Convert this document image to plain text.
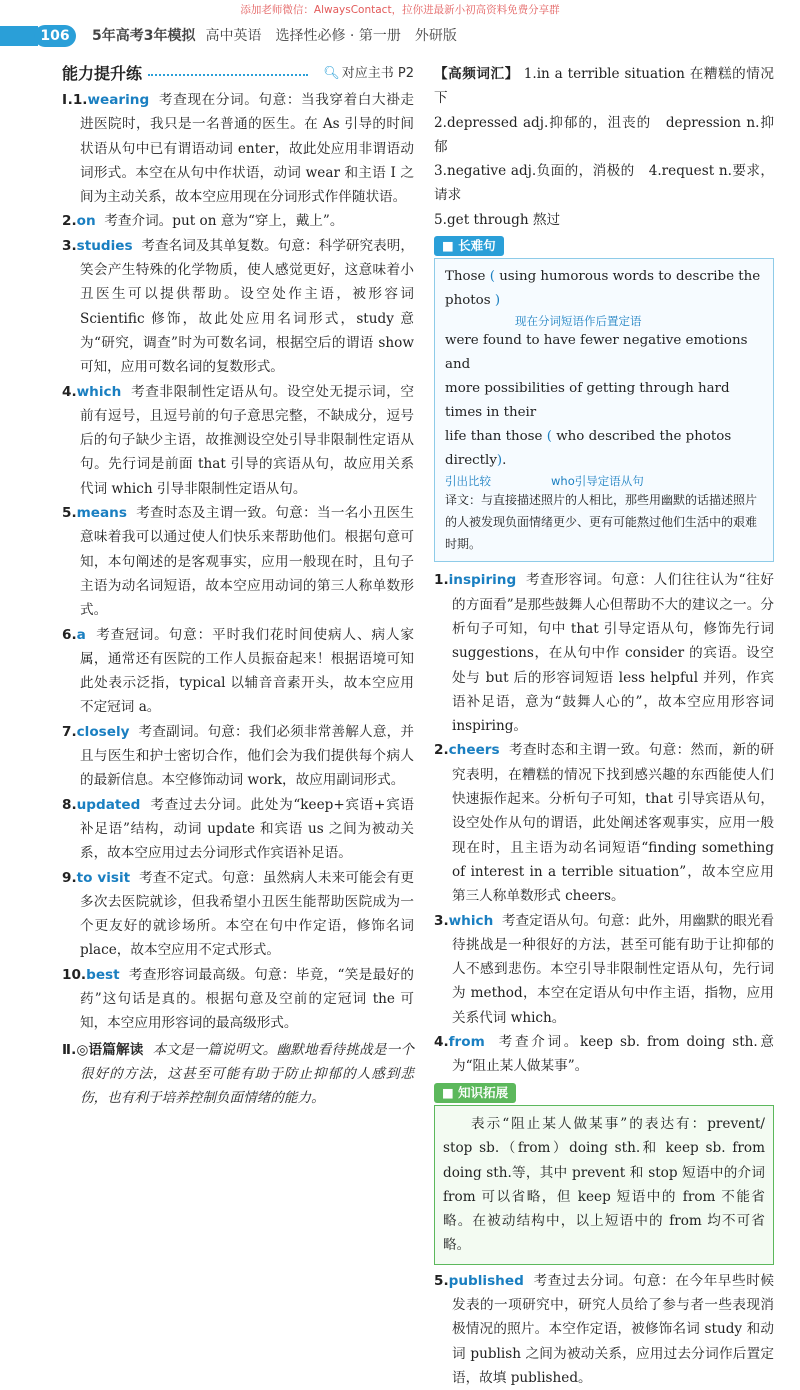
添加老师微信：AlwaysContact，拉你进最新小初高资料免费分享群
106	5年高考3年模拟 高中英语 选择性必修 · 第一册 外研版
能力提升练	🔍︎ 对应主书 P2

Ⅰ.1.wearing 考查现在分词。句意：当我穿着白大褂走进医院时，我只是一名普通的医生。在 As 引导的时间状语从句中已有谓语动词 enter，故此处应用非谓语动词形式。本空在从句中作状语，动词 wear 和主语 I 之间为主动关系，故本空应用现在分词形式作伴随状语。

2.on 考查介词。put on 意为“穿上，戴上”。

3.studies 考查名词及其单复数。句意：科学研究表明，笑会产生特殊的化学物质，使人感觉更好，这意味着小丑医生可以提供帮助。设空处作主语，被形容词 Scientific 修饰，故此处应用名词形式，study 意为“研究，调查”时为可数名词，根据空后的谓语 show 可知，应用可数名词的复数形式。

4.which 考查非限制性定语从句。设空处无提示词，空前有逗号，且逗号前的句子意思完整，不缺成分，逗号后的句子缺少主语，故推测设空处引导非限制性定语从句。先行词是前面 that 引导的宾语从句，故应用关系代词 which 引导非限制性定语从句。

5.means 考查时态及主谓一致。句意：当一名小丑医生意味着我可以通过使人们快乐来帮助他们。根据句意可知，本句阐述的是客观事实，应用一般现在时，且句子主语为动名词短语，故本空应用动词的第三人称单数形式。

6.a 考查冠词。句意：平时我们花时间使病人、病人家属，通常还有医院的工作人员振奋起来！根据语境可知此处表示泛指，typical 以辅音音素开头，故本空应用不定冠词 a。

7.closely 考查副词。句意：我们必须非常善解人意，并且与医生和护士密切合作，他们会为我们提供每个病人的最新信息。本空修饰动词 work，故应用副词形式。

8.updated 考查过去分词。此处为“keep+宾语+宾语补足语”结构，动词 update 和宾语 us 之间为被动关系，故本空应用过去分词形式作宾语补足语。

9.to visit 考查不定式。句意：虽然病人未来可能会有更多次去医院就诊，但我希望小丑医生能帮助医院成为一个更友好的就诊场所。本空在句中作定语，修饰名词 place，故本空应用不定式形式。

10.best 考查形容词最高级。句意：毕竟，“笑是最好的药”这句话是真的。根据句意及空前的定冠词 the 可知，本空应用形容词的最高级形式。

Ⅱ.◎语篇解读 本文是一篇说明文。幽默地看待挑战是一个很好的方法，这甚至可能有助于防止抑郁的人感到悲伤，也有利于培养控制负面情绪的能力。

【高频词汇】 1.in a terrible situation 在糟糕的情况下

2.depressed adj.抑郁的，沮丧的　depression n.抑郁

3.negative adj.负面的，消极的　4.request n.要求，请求

5.get through 熬过

■ 长难句
Those ( using humorous words to describe the photos )
现在分词短语作后置定语
were found to have fewer negative emotions and
more possibilities of getting through hard times in their
life than those ( who described the photos directly).
引出比较	who引导定语从句
译文：与直接描述照片的人相比，那些用幽默的话描述照片的人被发现负面情绪更少、更有可能熬过他们生活中的艰难时期。

1.inspiring 考查形容词。句意：人们往往认为“往好的方面看”是那些鼓舞人心但帮助不大的建议之一。分析句子可知，句中 that 引导定语从句，修饰先行词 suggestions，在从句中作 consider 的宾语。设空处与 but 后的形容词短语 less helpful 并列，作宾语补足语，意为“鼓舞人心的”，故本空应用形容词 inspiring。

2.cheers 考查时态和主谓一致。句意：然而，新的研究表明，在糟糕的情况下找到感兴趣的东西能使人们快速振作起来。分析句子可知，that 引导宾语从句，设空处作从句的谓语，此处阐述客观事实，应用一般现在时，且主语为动名词短语“finding something of interest in a terrible situation”，故本空应用第三人称单数形式 cheers。

3.which 考查定语从句。句意：此外，用幽默的眼光看待挑战是一种很好的方法，甚至可能有助于让抑郁的人不感到悲伤。本空引导非限制性定语从句，先行词为 method，本空在定语从句中作主语，指物，应用关系代词 which。

4.from 考查介词。keep sb. from doing sth.意为“阻止某人做某事”。

■ 知识拓展

表示“阻止某人做某事”的表达有：prevent/ stop sb.（from）doing sth.和 keep sb. from doing sth.等，其中 prevent 和 stop 短语中的介词 from 可以省略，但 keep 短语中的 from 不能省略。在被动结构中，以上短语中的 from 均不可省略。

5.published 考查过去分词。句意：在今年早些时候发表的一项研究中，研究人员给了参与者一些表现消极情况的照片。本空作定语，被修饰名词 study 和动词 publish 之间为被动关系，应用过去分词作后置定语，故填 published。
